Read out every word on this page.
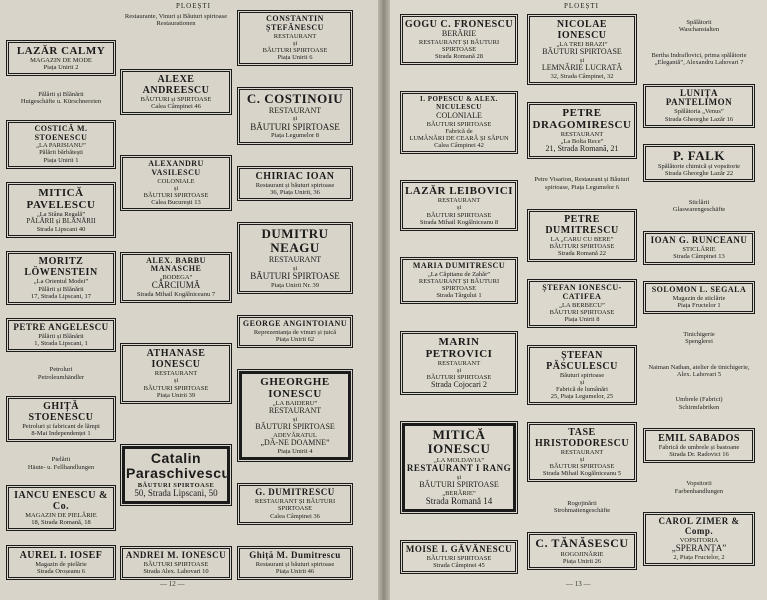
PLOEȘTI
— 12 —
PLOEȘTI
— 13 —
LAZĂR CALMY
MAGAZIN DE MODE
Piața Unirii 2
Pălării și Blănării
Hutgeschäfte u. Kürschnereien
COSTICĂ M. STOENESCU
„LA PARISIANU”
Pălării bărbătești
Piața Unirii 1
MITICĂ PAVELESCU
„La Stâna Regală”
PĂLĂRII și BLĂNĂRII
Strada Lipscani 40
MORITZ LÖWENSTEIN
„La Orientul Modei”
Pălării și Blănării
17, Strada Lipscani, 17
PETRE ANGELESCU
Pălării și Blănării
1, Strada Lipscani, 1
Petroluri
Petroleumhändler
GHIȚĂ STOENESCU
Petroluri și fabricant de lămpi
8-Mai Independenței 1
Pielării
Häute- u. Fellhandlungen
IANCU ENESCU & Co.
MAGAZIN DE PIELĂRIE
18, Strada Romană, 18
AUREL I. IOSEF
Magazin de pielărie
Strada Oroșeanu 6
Restaurante, Vinuri și Băuturi spirtoase
Restaurationen
ALEXE ANDREESCU
BĂUTURI și SPIRTOASE
Calea Câmpinei 46
ALEXANDRU VASILESCU
COLONIALE
și
BĂUTURI SPIRTOASE
Calea București 13
ALEX. BARBU MANASCHE
„BODEGA”
CÂRCIUMĂ
Strada Mihail Kogălniceanu 7
ATHANASE IONESCU
RESTAURANT
și
BĂUTURI SPIRTOASE
Piața Unirii 39
Catalin Paraschivescu
BĂUTURI SPIRTOASE
50, Strada Lipscani, 50
ANDREI M. IONESCU
BĂUTURI SPIRTOASE
Strada Alex. Lahovari 10
CONSTANTIN ȘTEFĂNESCU
RESTAURANT
și
BĂUTURI SPIRTOASE
Piața Unirii 6
C. COSTINOIU
RESTAURANT
și
BĂUTURI SPIRTOASE
Piața Legumelor 8
CHIRIAC IOAN
Restaurant și băuturi spirtoase
36, Piața Unirii, 36
DUMITRU NEAGU
RESTAURANT
și
BĂUTURI SPIRTOASE
Piața Unirii Nr. 39
GEORGE ANGINTOIANU
Reprezentanța de vinuri și țuică
Piața Unirii 62
GHEORGHE IONESCU
„LA BAIDERU”
RESTAURANT
și
BĂUTURI SPIRTOASE
ADEVĂRATUL
„DĂ-NE DOAMNE”
Piața Unirii 4
G. DUMITRESCU
RESTAURANT ȘI BĂUTURI SPIRTOASE
Calea Câmpinei 36
Ghiță M. Dumitrescu
Restaurant și băuturi spirtoase
Piața Unirii 46
GOGU C. FRONESCU
BERĂRIE
RESTAURANT ȘI BĂUTURI SPIRTOASE
Strada Romană 28
I. POPESCU & ALEX. NICULESCU
COLONIALE
BĂUTURI SPIRTOASE
Fabrică de
LUMÂNĂRI DE CEARĂ ȘI SĂPUN
Calea Câmpinei 42
LAZĂR LEIBOVICI
RESTAURANT
și
BĂUTURI SPIRTOASE
Strada Mihail Kogălniceanu 8
MARIA DUMITRESCU
„La Căpitanu de Zahăr”
RESTAURANT ȘI BĂUTURI SPIRTOASE
Strada Târgului 1
MARIN PETROVICI
RESTAURANT
și
BĂUTURI SPIRTOASE
Strada Cojocari 2
MITICĂ IONESCU
„LA MOLDAVIA”
RESTAURANT I RANG
și
BĂUTURI SPIRTOASE
„BERĂRIE”
Strada Romană 14
MOISE I. GĂVĂNESCU
BĂUTURI SPIRTOASE
Strada Câmpinei 45
NICOLAE IONESCU
„LA TREI BRAZI”
BĂUTURI SPIRTOASE
și
LEMNĂRIE LUCRATĂ
32, Strada Câmpinei, 32
PETRE DRAGOMIRESCU
RESTAURANT
„La Bolta Rece”
21, Strada Romană, 21
Petre Visarion, Restaurant și Băuturi spirtoase, Piața Legumelor 6
PETRE DUMITRESCU
LA „CARU CU BERE”
BĂUTURI SPIRTOASE
Strada Romană 22
ȘTEFAN IONESCU-CATIFEA
„LA BERBECU”
BĂUTURI SPIRTOASE
Piața Unirii 8
ȘTEFAN PĂSCULESCU
Băuturi spirtoase
și
Fabrică de lumânări
25, Piața Legumelor, 25
TASE HRISTODORESCU
RESTAURANT
și
BĂUTURI SPIRTOASE
Strada Mihail Kogălniceanu 5
Rogojinării
Strohmattengeschäfte
C. TĂNĂSESCU
ROGOJINĂRIE
Piața Unirii 26
Spălătorii
Waschanstalten
Bertha Indraflovici, prima spălătorie „Elegantă”, Alexandru Lahovari 7
LUNIȚA PANTELIMON
Spălătoria „Venus”
Strada Gheorghe Lazăr 16
P. FALK
Spălătorie chimică și vopsitorie
Strada Gheorghe Lazăr 22
Sticlării
Glaswarengeschäfte
IOAN G. RUNCEANU
STICLĂRIE
Strada Câmpinei 13
SOLOMON L. SEGALA
Magazin de sticlărie
Piața Fructelor 1
Tinichigerie
Spenglerei
Naiman Nathan, atelier de tinichigerie, Alex. Lahovari 5
Umbrele (Fabrici)
Schirmfabriken
EMIL SABADOS
Fabrică de umbrele și bastoane
Strada Dr. Radovici 16
Vopsitorii
Farbenhandlungen
CAROL ZIMER & Comp.
VOPSITORIA
„SPERANȚA”
2, Piața Fructelor, 2
